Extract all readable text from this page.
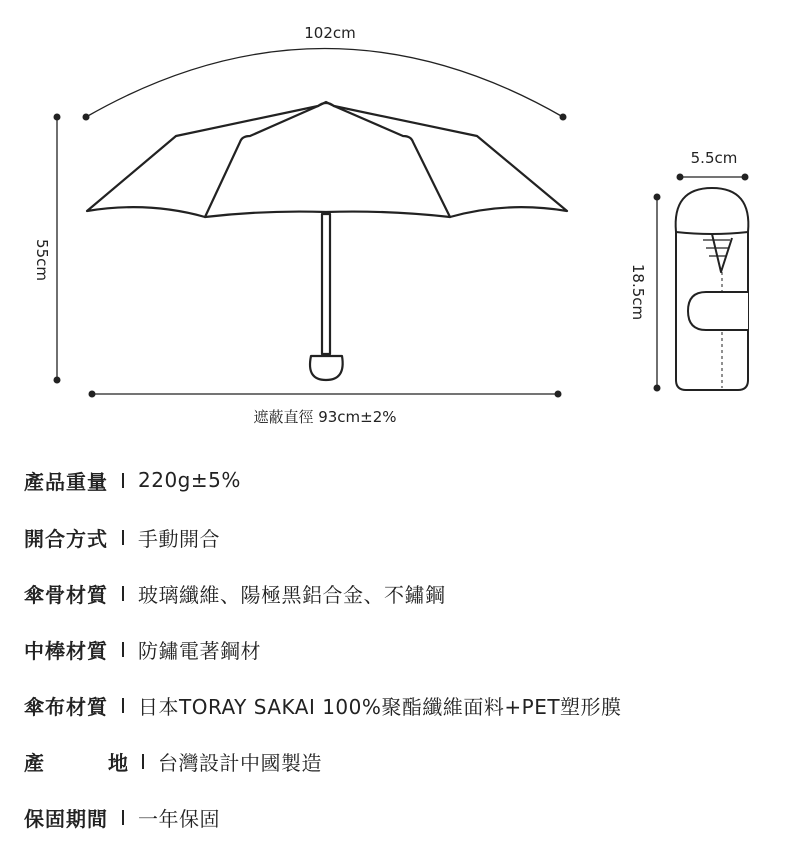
102cm
55cm
遮蔽直徑 93cm±2%
5.5cm
18.5cm
產品重量 220g±5%
開合方式 手動開合
傘骨材質 玻璃纖維、陽極黑鋁合金、不鏽鋼
中棒材質 防鏽電著鋼材
傘布材質 日本TORAY SAKAI 100%聚酯纖維面料+PET塑形膜
產	地 台灣設計中國製造
保固期間 一年保固
